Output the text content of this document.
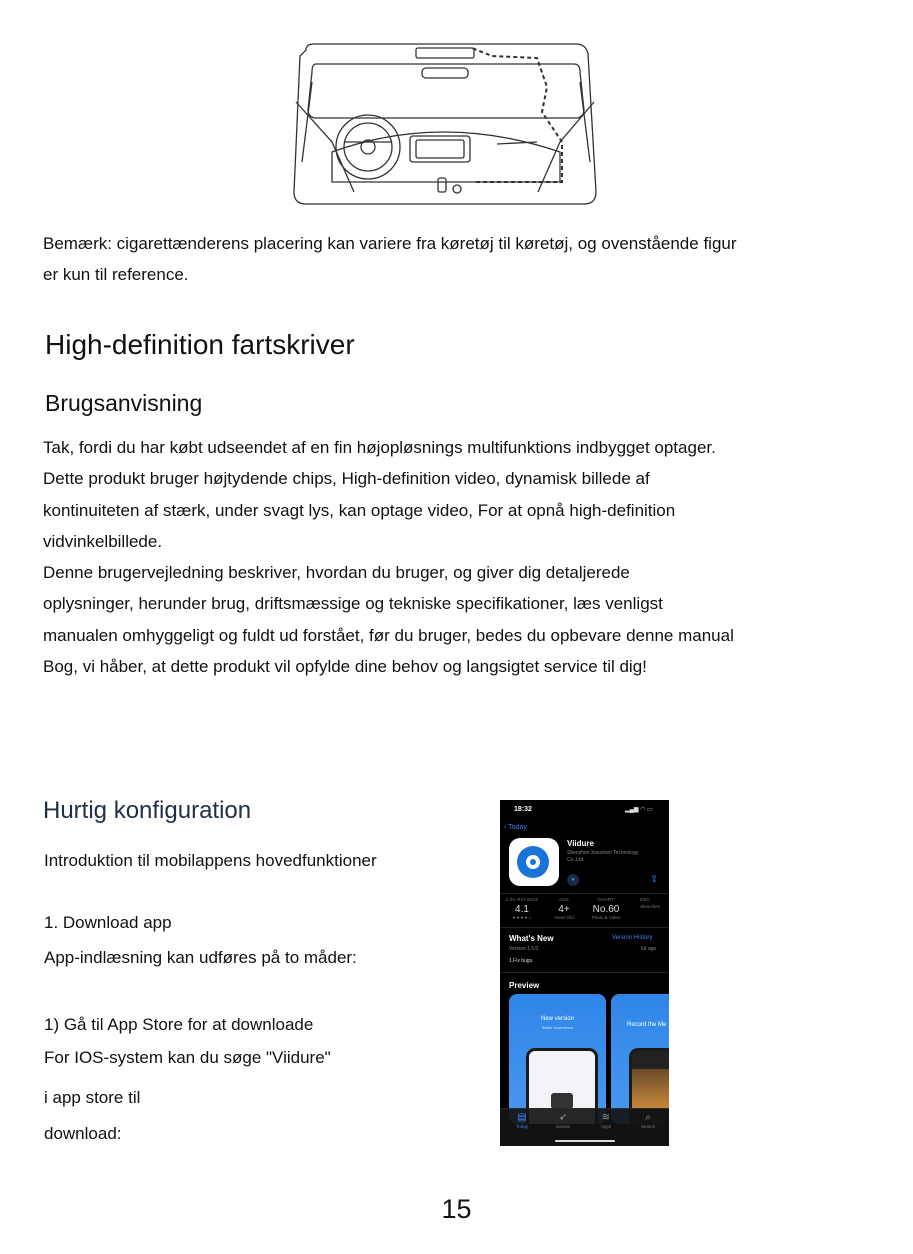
Bemærk: cigarettænderens placering kan variere fra køretøj til køretøj, og ovenstående figur

er kun til reference.

High-definition fartskriver
Brugsanvisning

Tak, fordi du har købt udseendet af en fin højopløsnings multifunktions indbygget optager.

Dette produkt bruger højtydende chips, High-definition video, dynamisk billede af

kontinuiteten af stærk, under svagt lys, kan optage video, For at opnå high-definition

vidvinkelbillede.

Denne brugervejledning beskriver, hvordan du bruger, og giver dig detaljerede

oplysninger, herunder brug, driftsmæssige og tekniske specifikationer, læs venligst

manualen omhyggeligt og fuldt ud forstået, før du bruger, bedes du opbevare denne manual

Bog, vi håber, at dette produkt vil opfylde dine behov og langsigtet service til dig!

Hurtig konfiguration

Introduktion til mobilappens hovedfunktioner

1. Download app

App-indlæsning kan udføres på to måder:

1) Gå til App Store for at downloade

For IOS-system kan du søge "Viidure"

i app store til

download:

18:32	▂▄▆ ◠ ▭
‹ Today
Viidure
Shenzhen Xiaozhen Technology
Co.,Ltd.
●	⇪
1.2K RATINGS
4.1
★★★★☆
AGE
4+
Years Old
CHART
No.60
Photo & Video
DEV
Shenzhen
What's New	Version History
Version 1.5.0	6d ago
1.Fix bugs.
Preview
New version
Better experience	Record the Me
▤
Today
➶
Games
≋
Apps
⌕
Search
15
